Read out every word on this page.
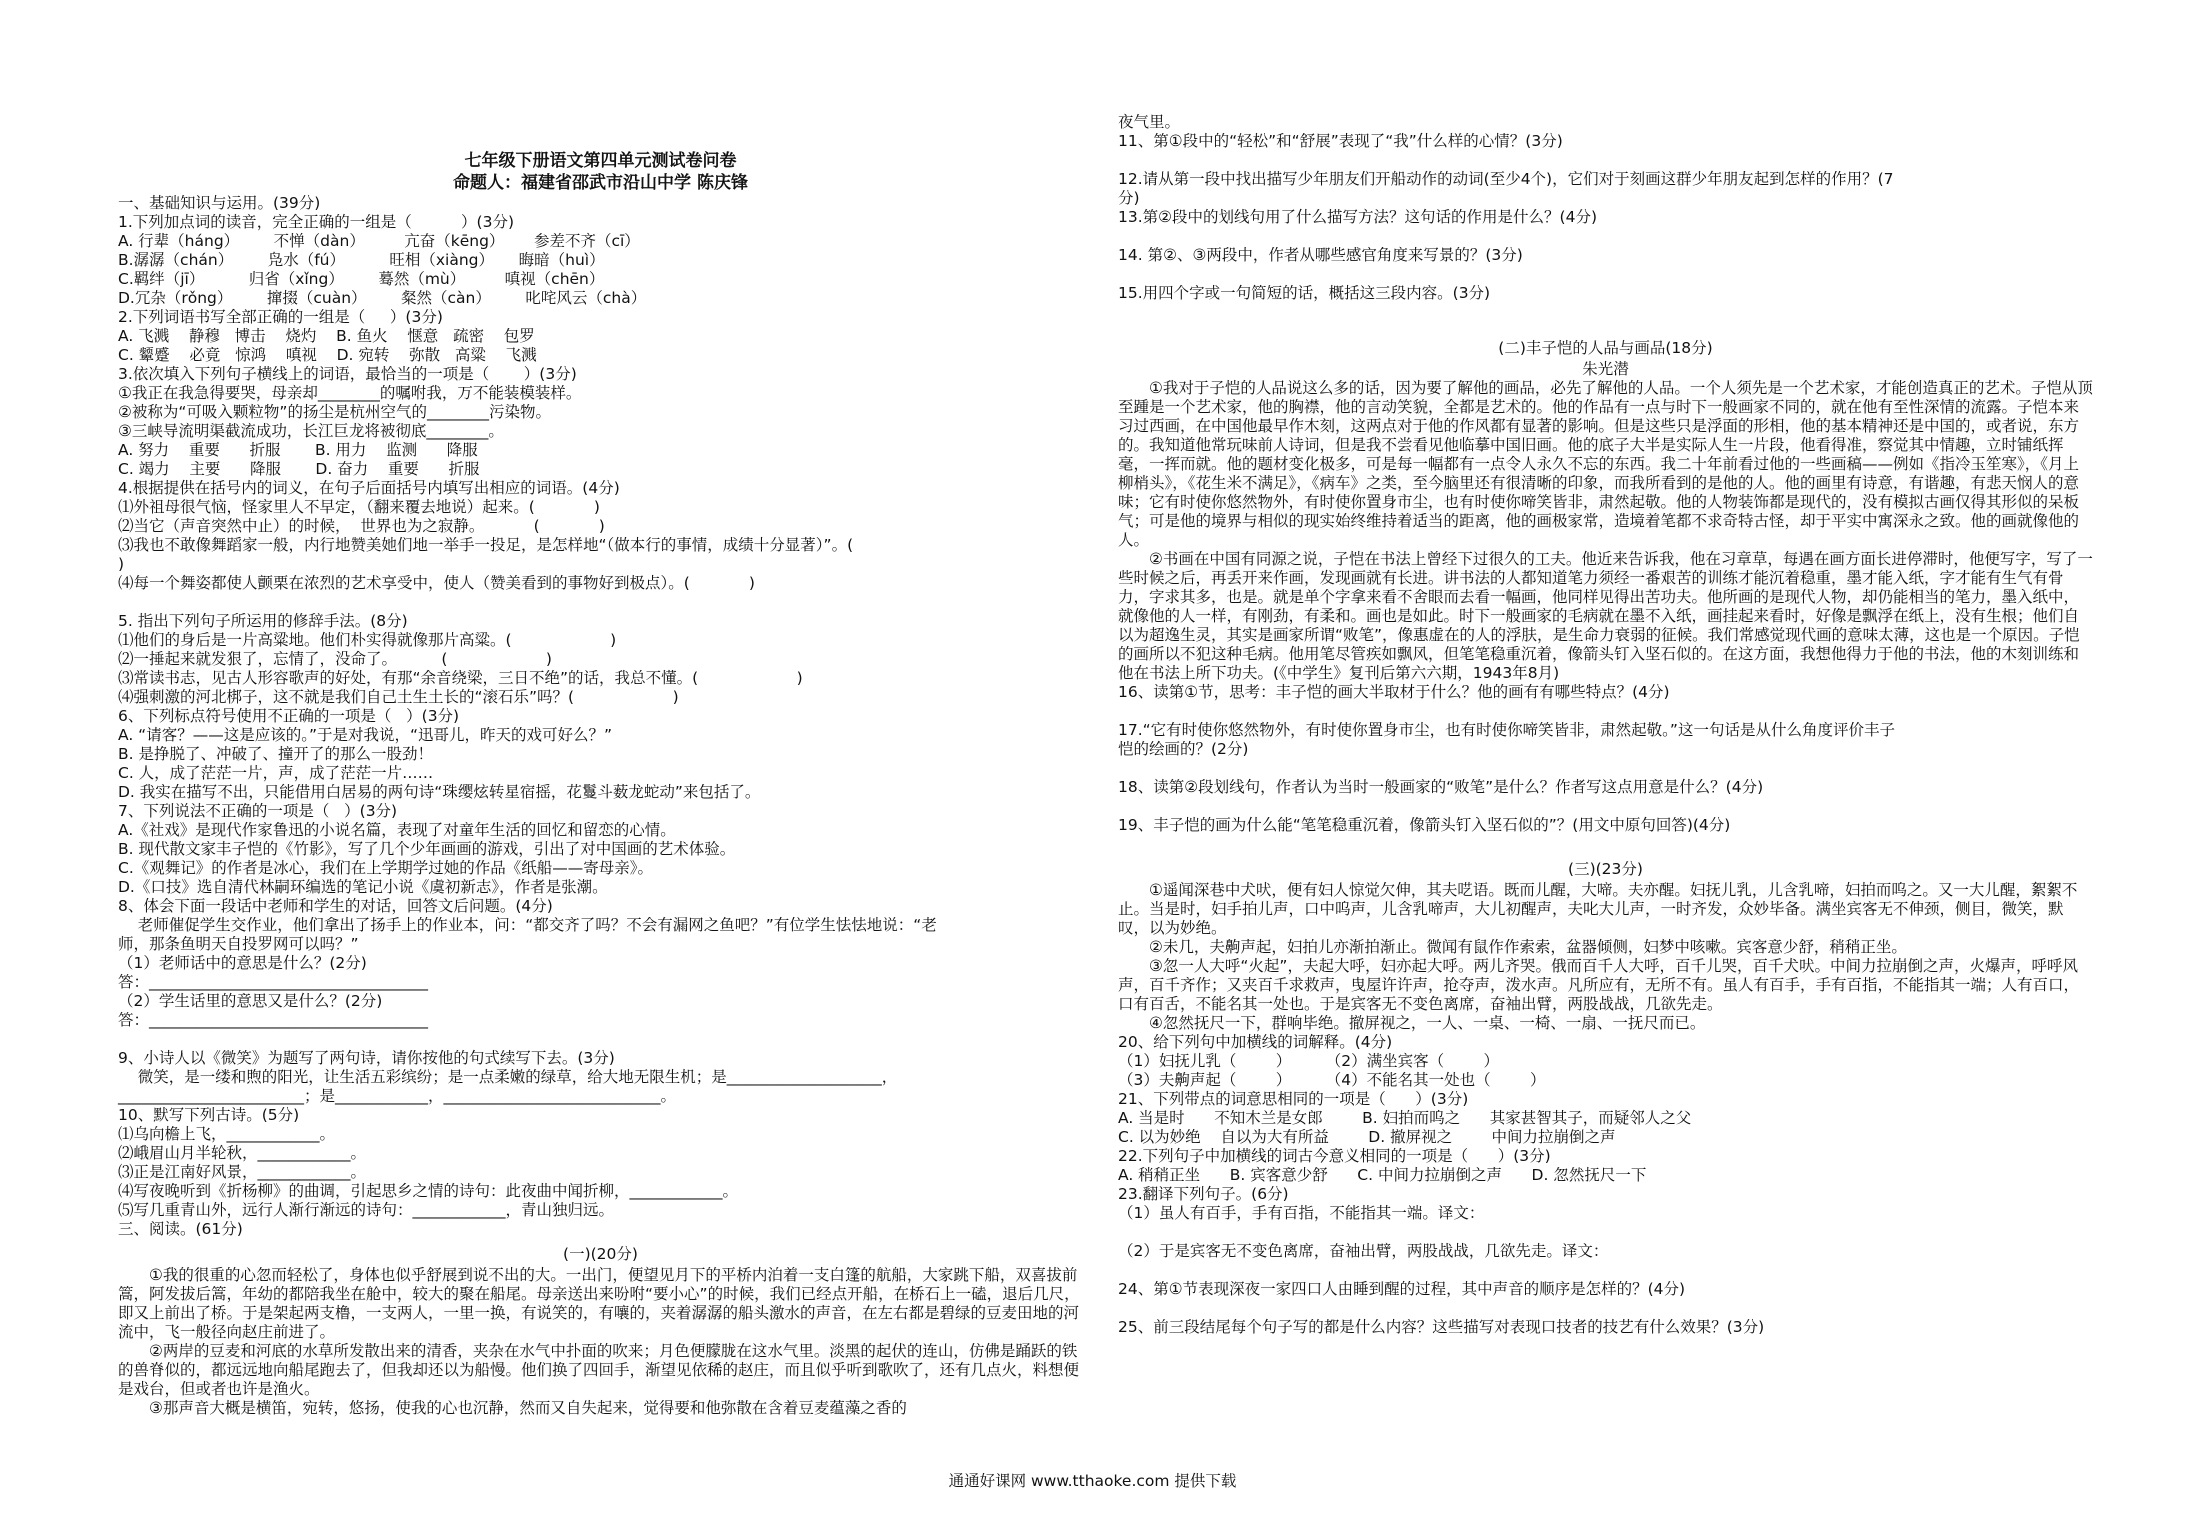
七年级下册语文第四单元测试卷问卷
命题人：福建省邵武市沿山中学 陈庆锋
一、基础知识与运用。(39分)
1.下列加点词的读音，完全正确的一组是（          ）(3分)
A. 行辈（háng）       不惮（dàn）        亢奋（kēng）      参差不齐（cī）
B.潺潺（chán）       凫水（fú）         旺相（xiàng）     晦暗（huì）
C.羁绊（jī）         归省（xǐng）       蓦然（mù）        嗔视（chēn）
D.冗杂（rǒng）       撺掇（cuàn）       粲然（càn）       叱咤风云（chà）
2.下列词语书写全部正确的一组是（     ）(3分)
A. 飞溅    静穆   博击    烧灼    B. 鱼火    惬意   疏密    包罗
C. 颦蹙    必竟   惊鸿    嗔视    D. 宛转    弥散   高粱    飞溅
3.依次填入下列句子横线上的词语，最恰当的一项是（       ）(3分)
①我正在我急得要哭，母亲却________的嘱咐我，万不能装模装样。
②被称为“可吸入颗粒物”的扬尘是杭州空气的________污染物。
③三峡导流明渠截流成功，长江巨龙将被彻底________。
A. 努力    重要      折服       B. 用力    监测      降服
C. 竭力    主要      降服       D. 奋力    重要      折服
4.根据提供在括号内的词义，在句子后面括号内填写出相应的词语。(4分)
⑴外祖母很气恼，怪家里人不早定，（翻来覆去地说）起来。(            )
⑵当它（声音突然中止）的时候，  世界也为之寂静。          (            )
⑶我也不敢像舞蹈家一般，内行地赞美她们地一举手一投足，是怎样地“（做本行的事情，成绩十分显著）”。(
)
⑷每一个舞姿都使人颤栗在浓烈的艺术享受中，使人（赞美看到的事物好到极点）。(            )
5. 指出下列句子所运用的修辞手法。(8分)
⑴他们的身后是一片高粱地。他们朴实得就像那片高粱。(                    )
⑵一捶起来就发狠了，忘情了，没命了。         (                    )
⑶常读书志，见古人形容歌声的好处，有那“余音绕梁，三日不绝”的话，我总不懂。(                    )
⑷强刺激的河北梆子，这不就是我们自己土生土长的“滚石乐”吗？(                    )
6、下列标点符号使用不正确的一项是（   ）(3分)
A. “请客？——这是应该的。”于是对我说，“迅哥儿，昨天的戏可好么？”
B. 是挣脱了、冲破了、撞开了的那么一股劲！
C. 人，成了茫茫一片，声，成了茫茫一片……
D. 我实在描写不出，只能借用白居易的两句诗“珠缨炫转星宿摇，花鬘斗薮龙蛇动”来包括了。
7、下列说法不正确的一项是（   ）(3分)
A.《社戏》是现代作家鲁迅的小说名篇，表现了对童年生活的回忆和留恋的心情。
B. 现代散文家丰子恺的《竹影》，写了几个少年画画的游戏，引出了对中国画的艺术体验。
C.《观舞记》的作者是冰心，我们在上学期学过她的作品《纸船——寄母亲》。
D.《口技》选自清代林嗣环编选的笔记小说《虞初新志》，作者是张潮。
8、体会下面一段话中老师和学生的对话，回答文后问题。(4分)
老师催促学生交作业，他们拿出了扬手上的作业本，问：“都交齐了吗？不会有漏网之鱼吧？”有位学生怯怯地说：“老
师，那条鱼明天自投罗网可以吗？”
（1）老师话中的意思是什么？(2分)
答：____________________________________
（2）学生话里的意思又是什么？(2分)
答：____________________________________
9、小诗人以《微笑》为题写了两句诗，请你按他的句式续写下去。(3分)
微笑，是一缕和煦的阳光，让生活五彩缤纷；是一点柔嫩的绿草，给大地无限生机；是____________________，
________________________；是____________，____________________________。
10、默写下列古诗。(5分)
⑴乌向檐上飞，____________。
⑵峨眉山月半轮秋，____________。
⑶正是江南好风景，____________。
⑷写夜晚听到《折杨柳》的曲调，引起思乡之情的诗句：此夜曲中闻折柳，____________。
⑸写几重青山外，远行人渐行渐远的诗句：____________，青山独归远。
三、阅读。(61分)
(一)(20分)
①我的很重的心忽而轻松了，身体也似乎舒展到说不出的大。一出门，便望见月下的平桥内泊着一支白篷的航船，大家跳下船，双喜拔前篙，阿发拔后篙，年幼的都陪我坐在舱中，较大的聚在船尾。母亲送出来吩咐“要小心”的时候，我们已经点开船，在桥石上一磕，退后几尺，即又上前出了桥。于是架起两支橹，一支两人，一里一换，有说笑的，有嚷的，夹着潺潺的船头激水的声音，在左右都是碧绿的豆麦田地的河流中，飞一般径向赵庄前进了。
②两岸的豆麦和河底的水草所发散出来的清香，夹杂在水气中扑面的吹来；月色便朦胧在这水气里。淡黑的起伏的连山，仿佛是踊跃的铁的兽脊似的，都远远地向船尾跑去了，但我却还以为船慢。他们换了四回手，渐望见依稀的赵庄，而且似乎听到歌吹了，还有几点火，料想便是戏台，但或者也许是渔火。
③那声音大概是横笛，宛转，悠扬，使我的心也沉静，然而又自失起来，觉得要和他弥散在含着豆麦蕴藻之香的
夜气里。
11、第①段中的“轻松”和“舒展”表现了“我”什么样的心情？(3分)
12.请从第一段中找出描写少年朋友们开船动作的动词(至少4个)，它们对于刻画这群少年朋友起到怎样的作用？(7
分)
13.第②段中的划线句用了什么描写方法？这句话的作用是什么？(4分)
14. 第②、③两段中，作者从哪些感官角度来写景的？(3分)
15.用四个字或一句简短的话，概括这三段内容。(3分)
(二)丰子恺的人品与画品(18分)
朱光潜
①我对于子恺的人品说这么多的话，因为要了解他的画品，必先了解他的人品。一个人须先是一个艺术家，才能创造真正的艺术。子恺从顶至踵是一个艺术家，他的胸襟，他的言动笑貌，全都是艺术的。他的作品有一点与时下一般画家不同的，就在他有至性深情的流露。子恺本来习过西画，在中国他最早作木刻，这两点对于他的作风都有显著的影响。但是这些只是浮面的形相，他的基本精神还是中国的，或者说，东方的。我知道他常玩味前人诗词，但是我不尝看见他临摹中国旧画。他的底子大半是实际人生一片段，他看得准，察觉其中情趣，立时铺纸挥毫，一挥而就。他的题材变化极多，可是每一幅都有一点令人永久不忘的东西。我二十年前看过他的一些画稿——例如《指冷玉笙寒》，《月上柳梢头》，《花生米不满足》，《病车》之类，至今脑里还有很清晰的印象，而我所看到的是他的人。他的画里有诗意，有谐趣，有悲天悯人的意味；它有时使你悠然物外，有时使你置身市尘，也有时使你啼笑皆非，肃然起敬。他的人物装饰都是现代的，没有模拟古画仅得其形似的呆板气；可是他的境界与相似的现实始终维持着适当的距离，他的画极家常，造境着笔都不求奇特古怪，却于平实中寓深永之致。他的画就像他的人。
②书画在中国有同源之说，子恺在书法上曾经下过很久的工夫。他近来告诉我，他在习章草，每遇在画方面长进停滞时，他便写字，写了一些时候之后，再丢开来作画，发现画就有长进。讲书法的人都知道笔力须经一番艰苦的训练才能沉着稳重，墨才能入纸，字才能有生气有骨力，字求其多，也是。就是单个字拿来看不舍眼而去看一幅画，他同样见得出苦功夫。他所画的是现代人物，却仍能相当的笔力，墨入纸中，就像他的人一样，有刚劲，有柔和。画也是如此。时下一般画家的毛病就在墨不入纸，画挂起来看时，好像是飘浮在纸上，没有生根；他们自以为超逸生灵，其实是画家所谓“败笔”，像惠虚在的人的浮肤，是生命力衰弱的征候。我们常感觉现代画的意味太薄，这也是一个原因。子恺的画所以不犯这种毛病。他用笔尽管疾如飘风，但笔笔稳重沉着，像箭头钉入坚石似的。在这方面，我想他得力于他的书法，他的木刻训练和他在书法上所下功夫。(《中学生》复刊后第六六期，1943年8月)
16、读第①节，思考：丰子恺的画大半取材于什么？他的画有有哪些特点？(4分)
17.“它有时使你悠然物外，有时使你置身市尘，也有时使你啼笑皆非，肃然起敬。”这一句话是从什么角度评价丰子
恺的绘画的？(2分)
18、读第②段划线句，作者认为当时一般画家的“败笔”是什么？作者写这点用意是什么？(4分)
19、丰子恺的画为什么能“笔笔稳重沉着，像箭头钉入坚石似的”？(用文中原句回答)(4分)
(三)(23分)
①遥闻深巷中犬吠，便有妇人惊觉欠伸，其夫呓语。既而儿醒，大啼。夫亦醒。妇抚儿乳，儿含乳啼，妇拍而呜之。又一大儿醒，絮絮不止。当是时，妇手拍儿声，口中呜声，儿含乳啼声，大儿初醒声，夫叱大儿声，一时齐发，众妙毕备。满坐宾客无不伸颈，侧目，微笑，默叹，以为妙绝。
②未几，夫齁声起，妇拍儿亦渐拍渐止。微闻有鼠作作索索，盆器倾侧，妇梦中咳嗽。宾客意少舒，稍稍正坐。
③忽一人大呼“火起”，夫起大呼，妇亦起大呼。两儿齐哭。俄而百千人大呼，百千儿哭，百千犬吠。中间力拉崩倒之声，火爆声，呼呼风声，百千齐作；又夹百千求救声，曳屋许许声，抢夺声，泼水声。凡所应有，无所不有。虽人有百手，手有百指，不能指其一端；人有百口，口有百舌，不能名其一处也。于是宾客无不变色离席，奋袖出臂，两股战战，几欲先走。
④忽然抚尺一下，群响毕绝。撤屏视之，一人、一桌、一椅、一扇、一抚尺而已。
20、给下列句中加横线的词解释。(4分)
（1）妇抚儿乳（        ）       （2）满坐宾客（        ）
（3）夫齁声起（        ）       （4）不能名其一处也（        ）
21、下列带点的词意思相同的一项是（      ）(3分)
A. 当是时      不知木兰是女郎        B. 妇拍而呜之      其家甚智其子，而疑邻人之父
C. 以为妙绝    自以为大有所益        D. 撤屏视之        中间力拉崩倒之声
22.下列句子中加横线的词古今意义相同的一项是（      ）(3分)
A. 稍稍正坐      B. 宾客意少舒      C. 中间力拉崩倒之声      D. 忽然抚尺一下
23.翻译下列句子。(6分)
（1）虽人有百手，手有百指，不能指其一端。译文：
（2）于是宾客无不变色离席，奋袖出臂，两股战战，几欲先走。译文：
24、第①节表现深夜一家四口人由睡到醒的过程，其中声音的顺序是怎样的？(4分)
25、前三段结尾每个句子写的都是什么内容？这些描写对表现口技者的技艺有什么效果？(3分)
通通好课网 www.tthaoke.com 提供下载
